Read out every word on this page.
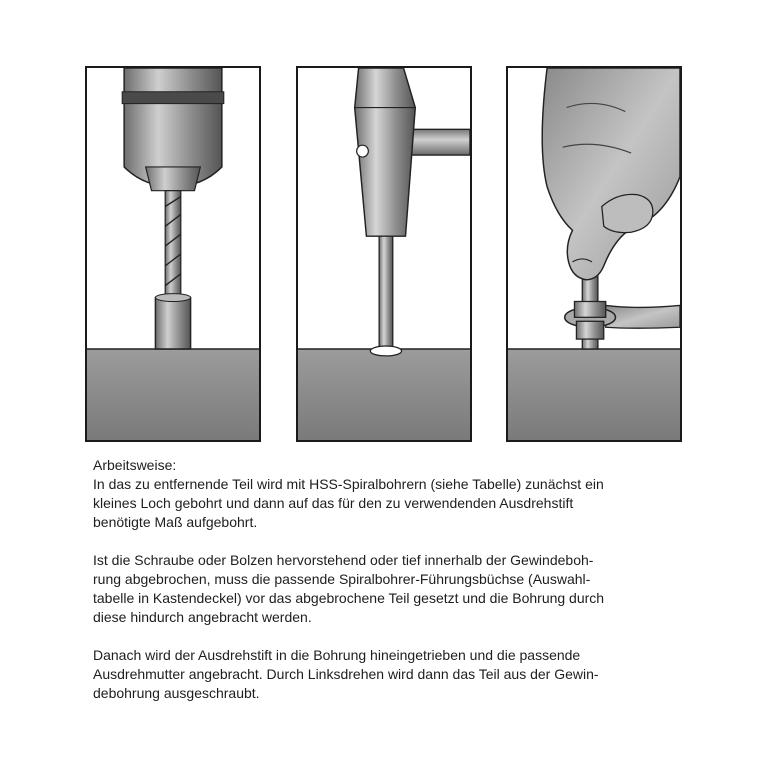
Arbeitsweise:

In das zu entfernende Teil wird mit HSS-Spiralbohrern (siehe Tabelle) zunächst ein
kleines Loch gebohrt und dann auf das für den zu verwendenden Ausdrehstift
benötigte Maß aufgebohrt.

Ist die Schraube oder Bolzen hervorstehend oder tief innerhalb der Gewindeboh-
rung abgebrochen, muss die passende Spiralbohrer-Führungsbüchse (Auswahl-
tabelle in Kastendeckel) vor das abgebrochene Teil gesetzt und die Bohrung durch
diese hindurch angebracht werden.

Danach wird der Ausdrehstift in die Bohrung hineingetrieben und die passende
Ausdrehmutter angebracht. Durch Linksdrehen wird dann das Teil aus der Gewin-
debohrung ausgeschraubt.
